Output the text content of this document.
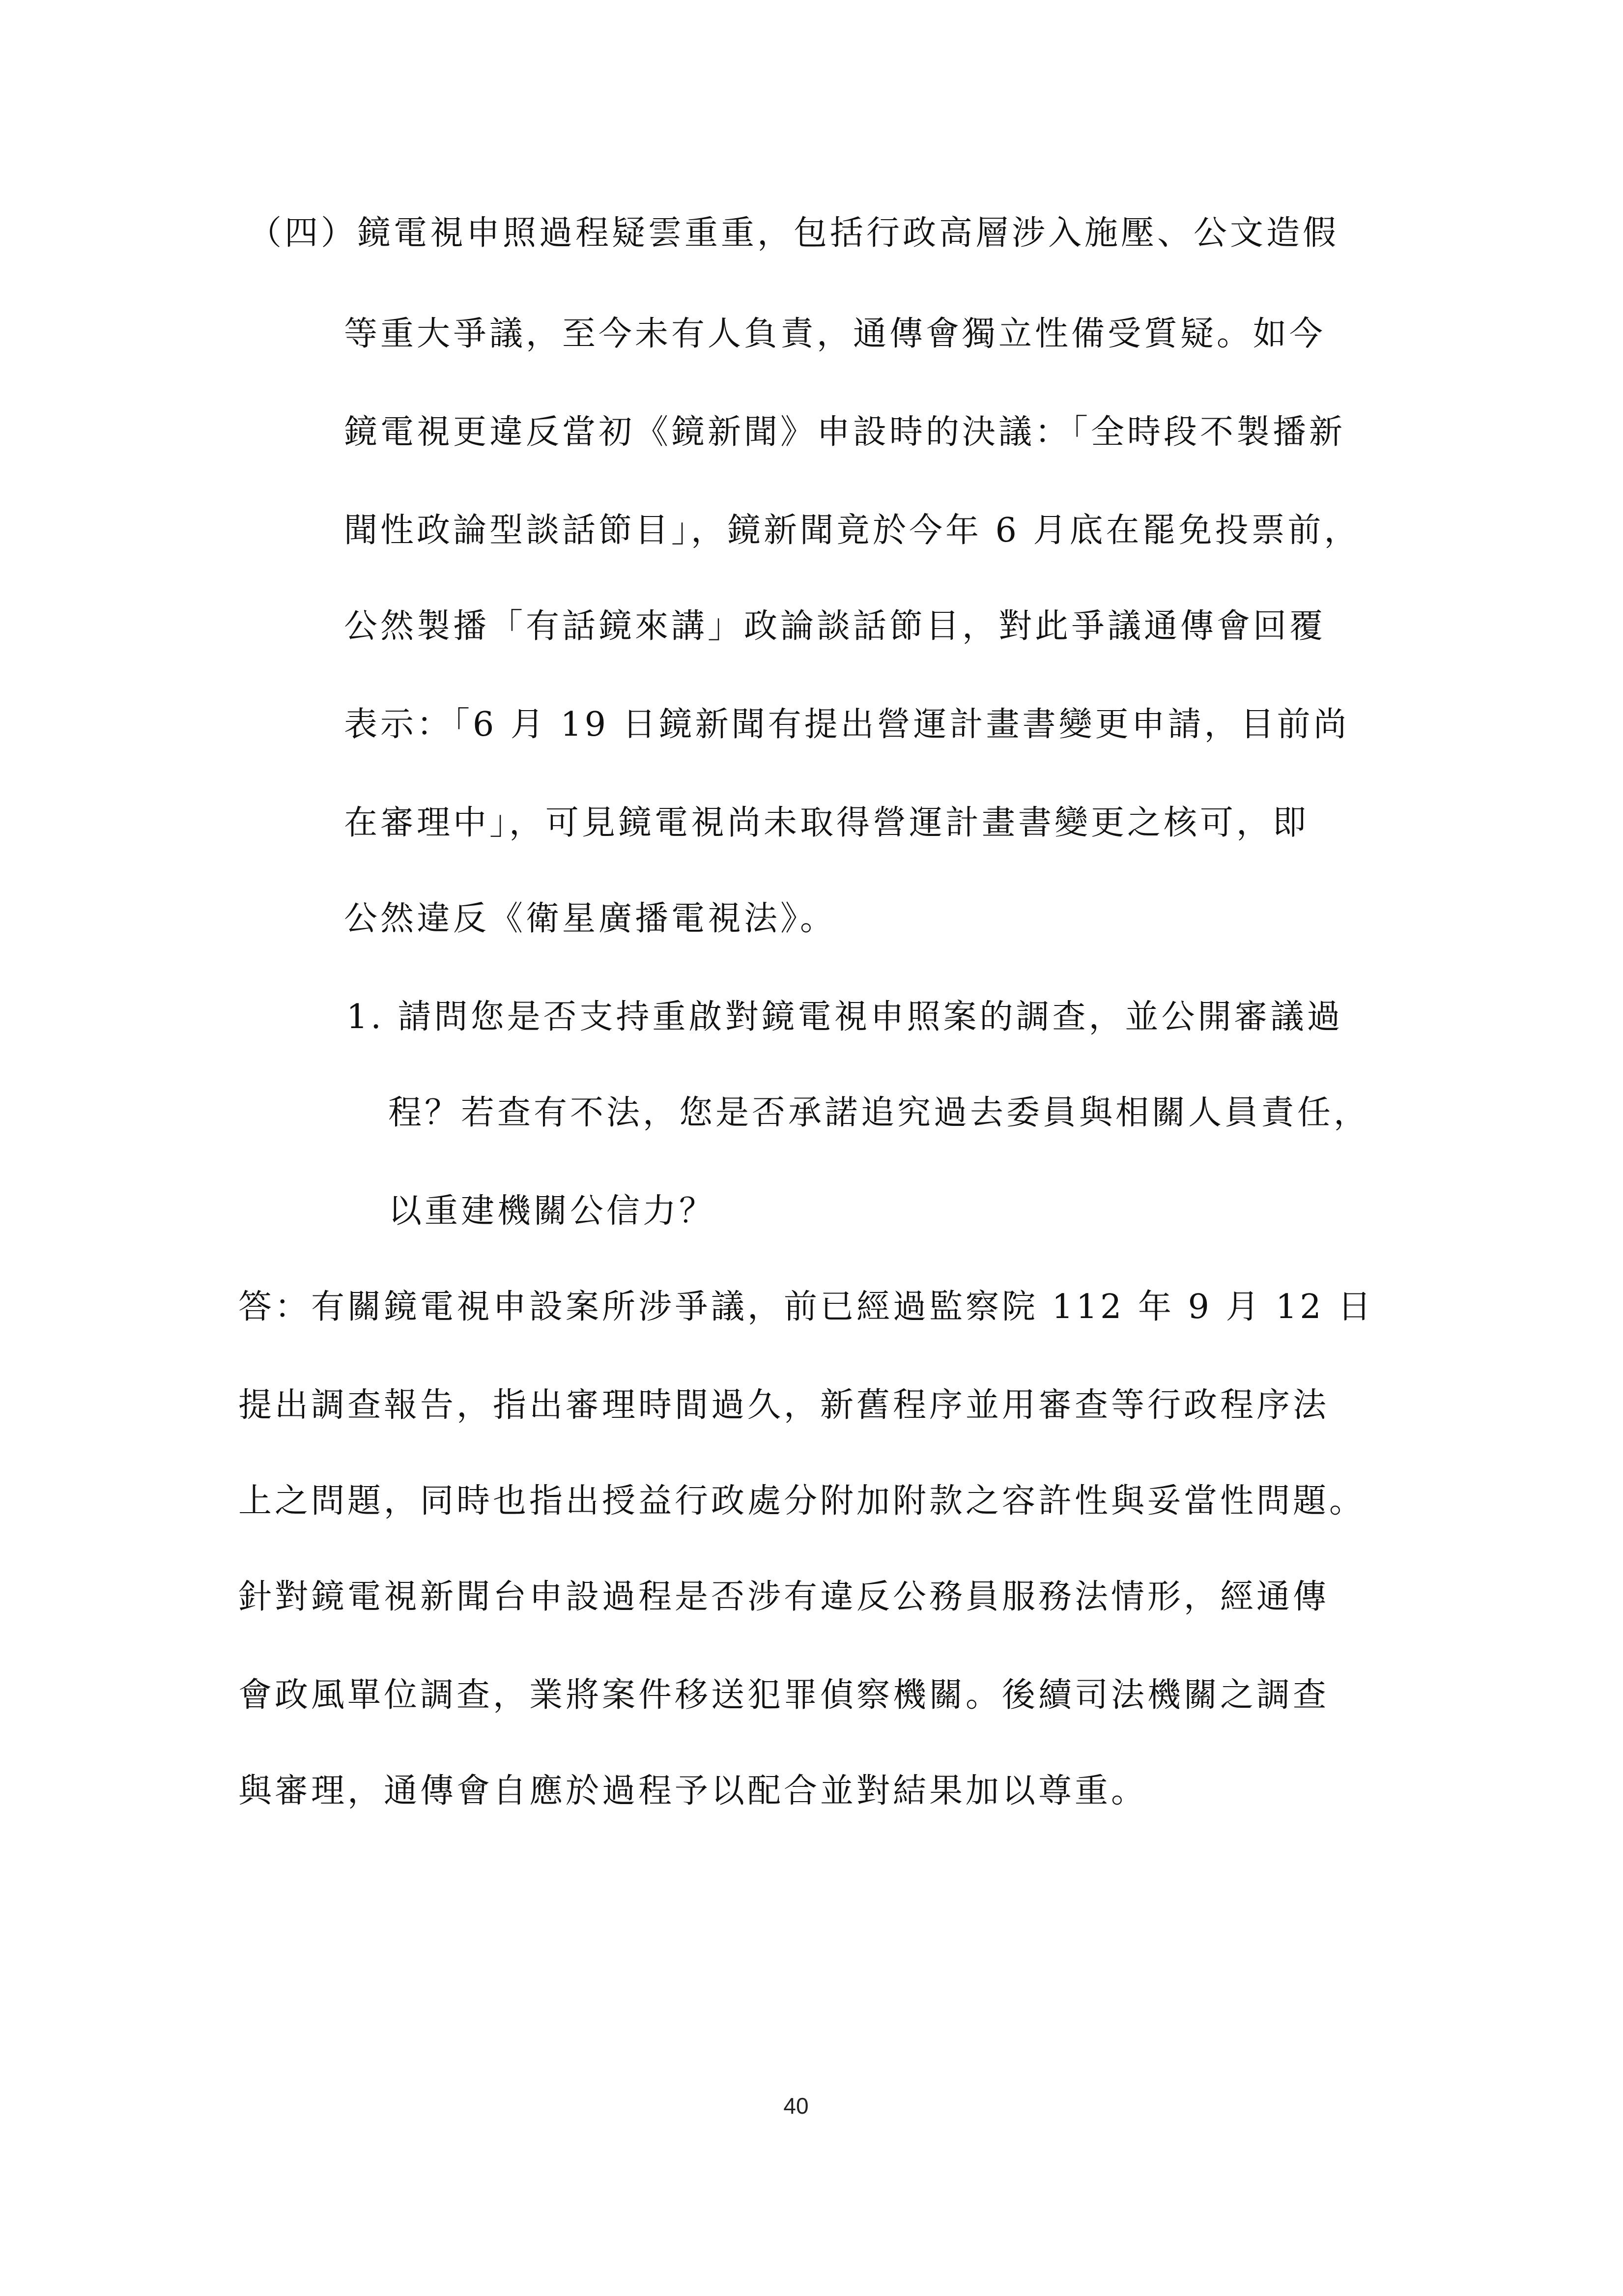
（四）鏡電視申照過程疑雲重重，包括行政高層涉入施壓、公文造假
等重大爭議，至今未有人負責，通傳會獨立性備受質疑。如今
鏡電視更違反當初《鏡新聞》申設時的決議：「全時段不製播新
聞性政論型談話節目」，鏡新聞竟於今年 6 月底在罷免投票前，
公然製播「有話鏡來講」政論談話節目，對此爭議通傳會回覆
表示：「6 月 19 日鏡新聞有提出營運計畫書變更申請，目前尚
在審理中」，可見鏡電視尚未取得營運計畫書變更之核可，即
公然違反《衛星廣播電視法》。
1. 請問您是否支持重啟對鏡電視申照案的調查，並公開審議過
程？若查有不法，您是否承諾追究過去委員與相關人員責任，
以重建機關公信力？
答：有關鏡電視申設案所涉爭議，前已經過監察院 112 年 9 月 12 日
提出調查報告，指出審理時間過久，新舊程序並用審查等行政程序法
上之問題，同時也指出授益行政處分附加附款之容許性與妥當性問題。
針對鏡電視新聞台申設過程是否涉有違反公務員服務法情形，經通傳
會政風單位調查，業將案件移送犯罪偵察機關。後續司法機關之調查
與審理，通傳會自應於過程予以配合並對結果加以尊重。
40
